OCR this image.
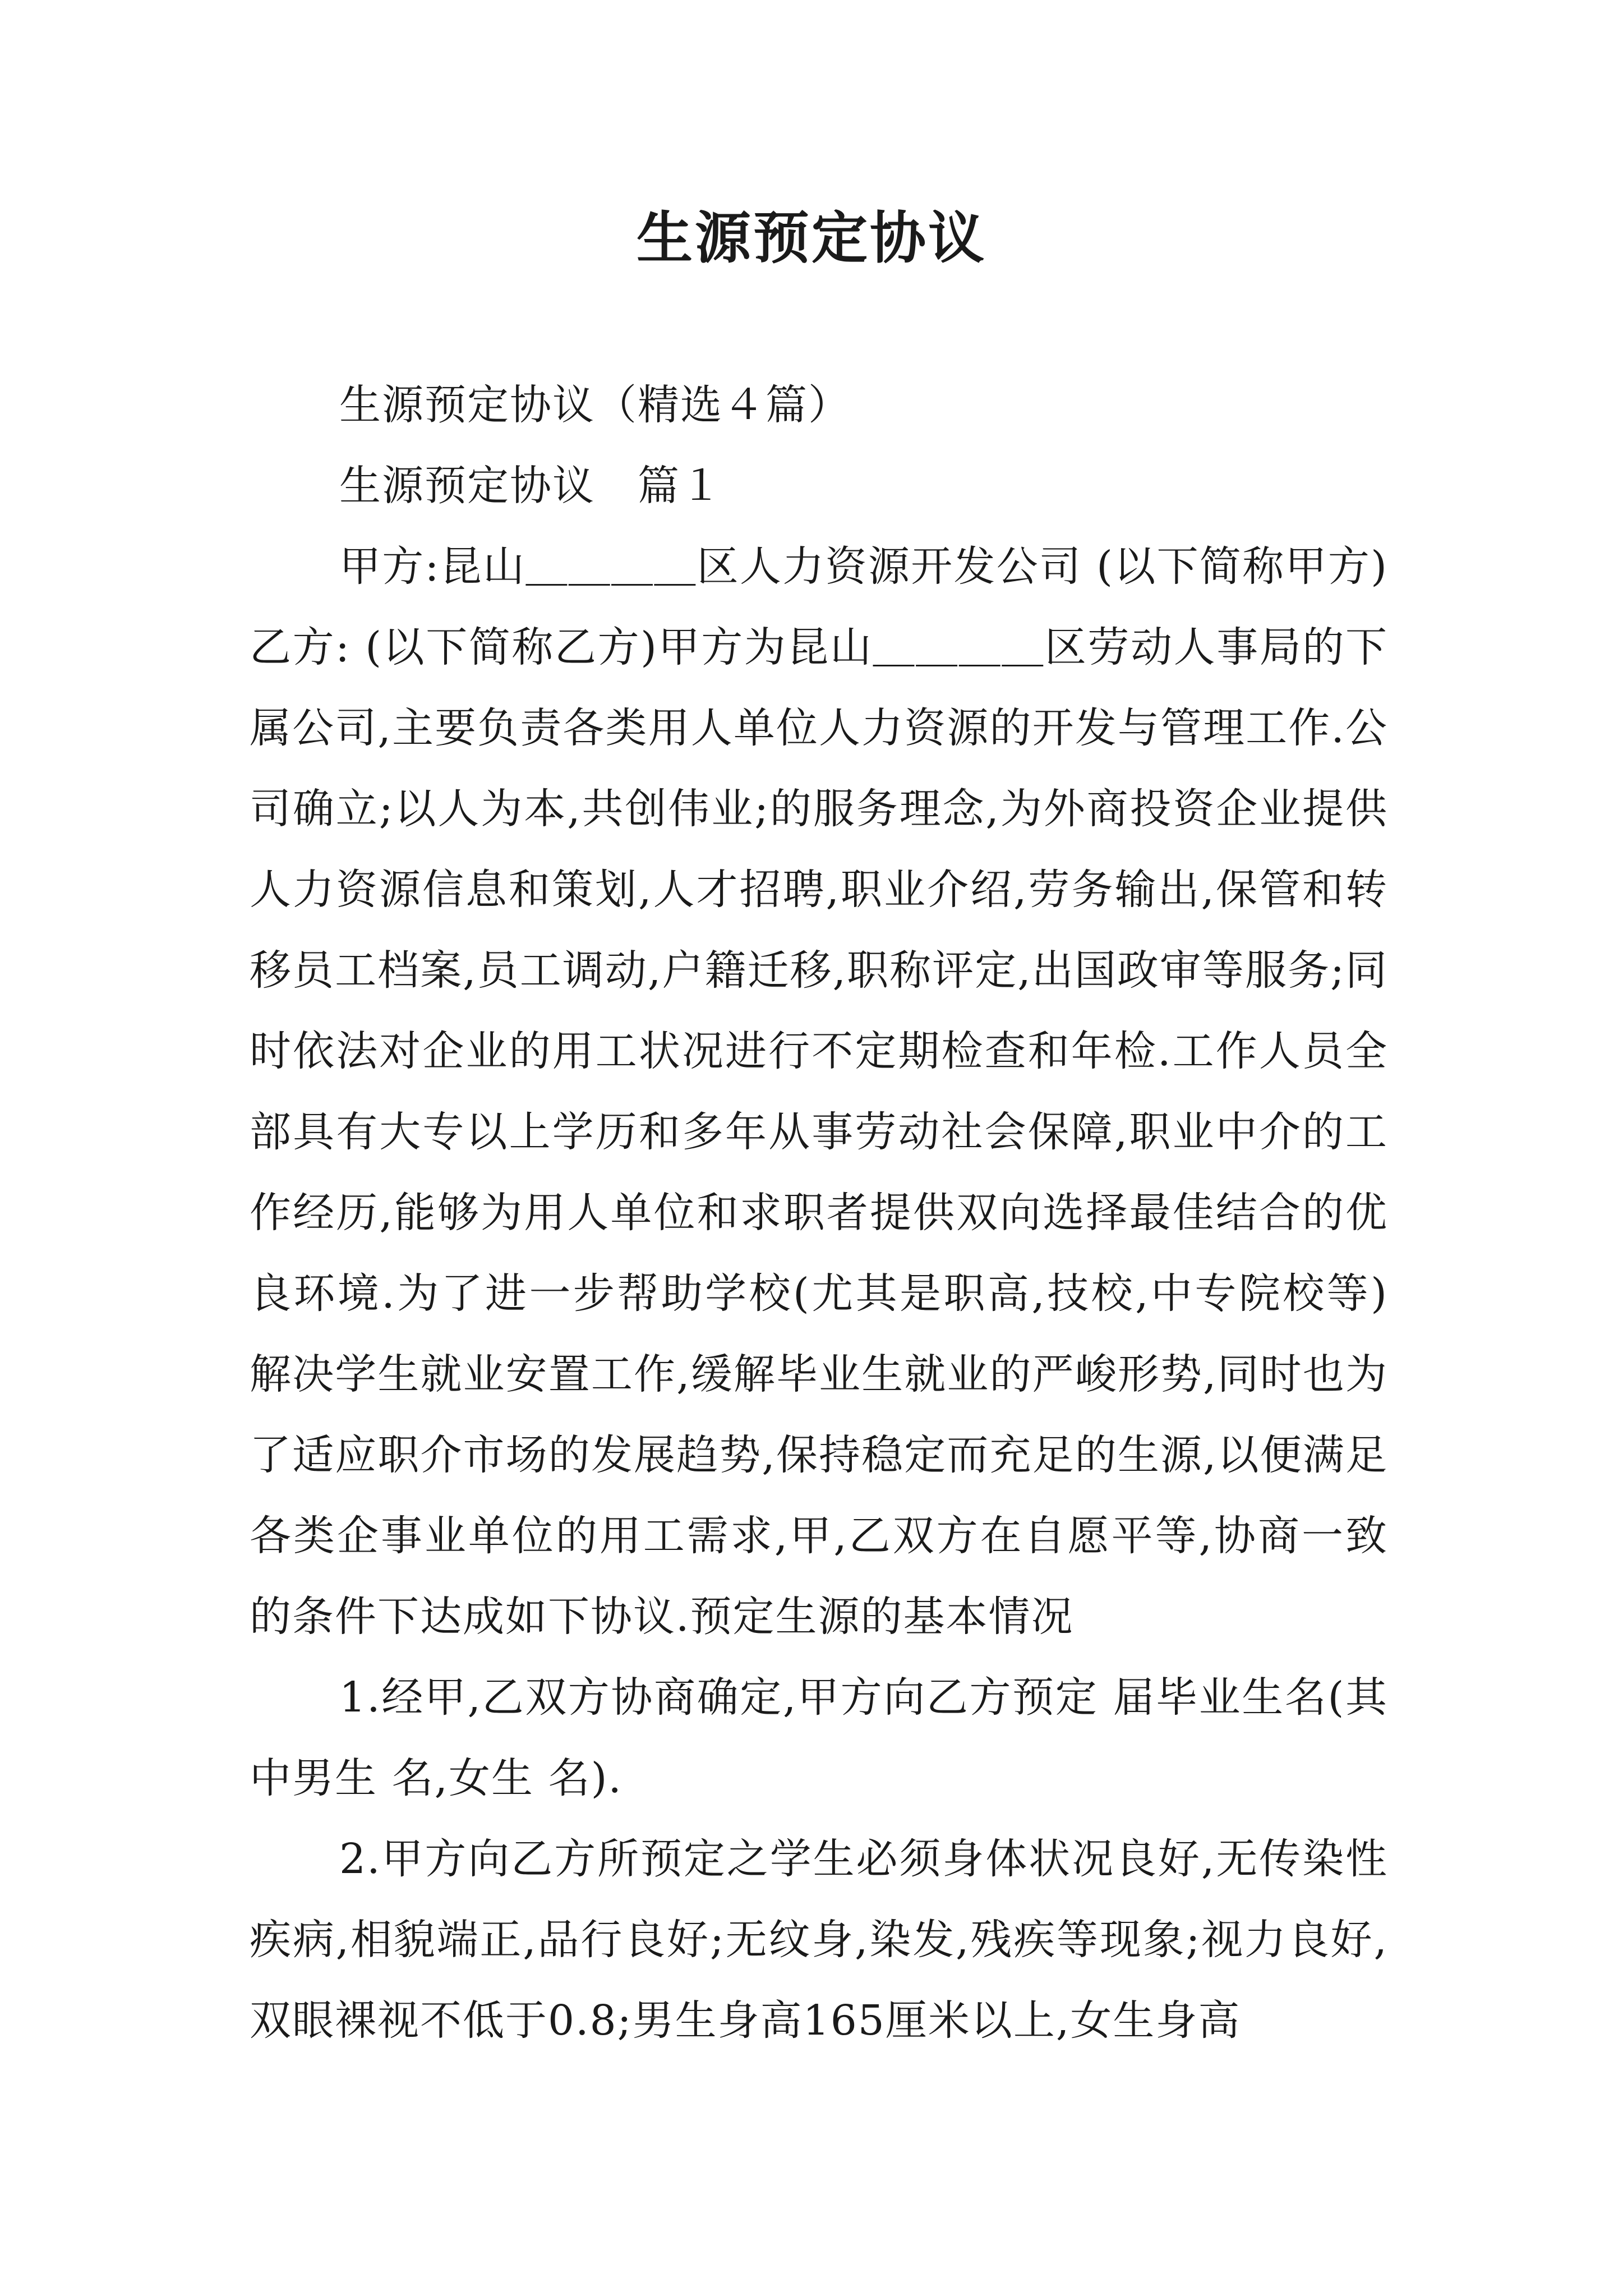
生源预定协议

生源预定协议（精选４篇）

生源预定协议　篇１

甲方:昆山＿＿＿＿区人力资源开发公司 (以下简称甲方)乙方: (以下简称乙方)甲方为昆山＿＿＿＿区劳动人事局的下属公司,主要负责各类用人单位人力资源的开发与管理工作.公司确立;以人为本,共创伟业;的服务理念,为外商投资企业提供人力资源信息和策划,人才招聘,职业介绍,劳务输出,保管和转移员工档案,员工调动,户籍迁移,职称评定,出国政审等服务;同时依法对企业的用工状况进行不定期检查和年检.工作人员全部具有大专以上学历和多年从事劳动社会保障,职业中介的工作经历,能够为用人单位和求职者提供双向选择最佳结合的优良环境.为了进一步帮助学校(尤其是职高,技校,中专院校等)解决学生就业安置工作,缓解毕业生就业的严峻形势,同时也为了适应职介市场的发展趋势,保持稳定而充足的生源,以便满足各类企事业单位的用工需求,甲,乙双方在自愿平等,协商一致的条件下达成如下协议.预定生源的基本情况

1.经甲,乙双方协商确定,甲方向乙方预定 届毕业生名(其中男生 名,女生 名).

2.甲方向乙方所预定之学生必须身体状况良好,无传染性疾病,相貌端正,品行良好;无纹身,染发,残疾等现象;视力良好,双眼裸视不低于0.8;男生身高165厘米以上,女生身高
